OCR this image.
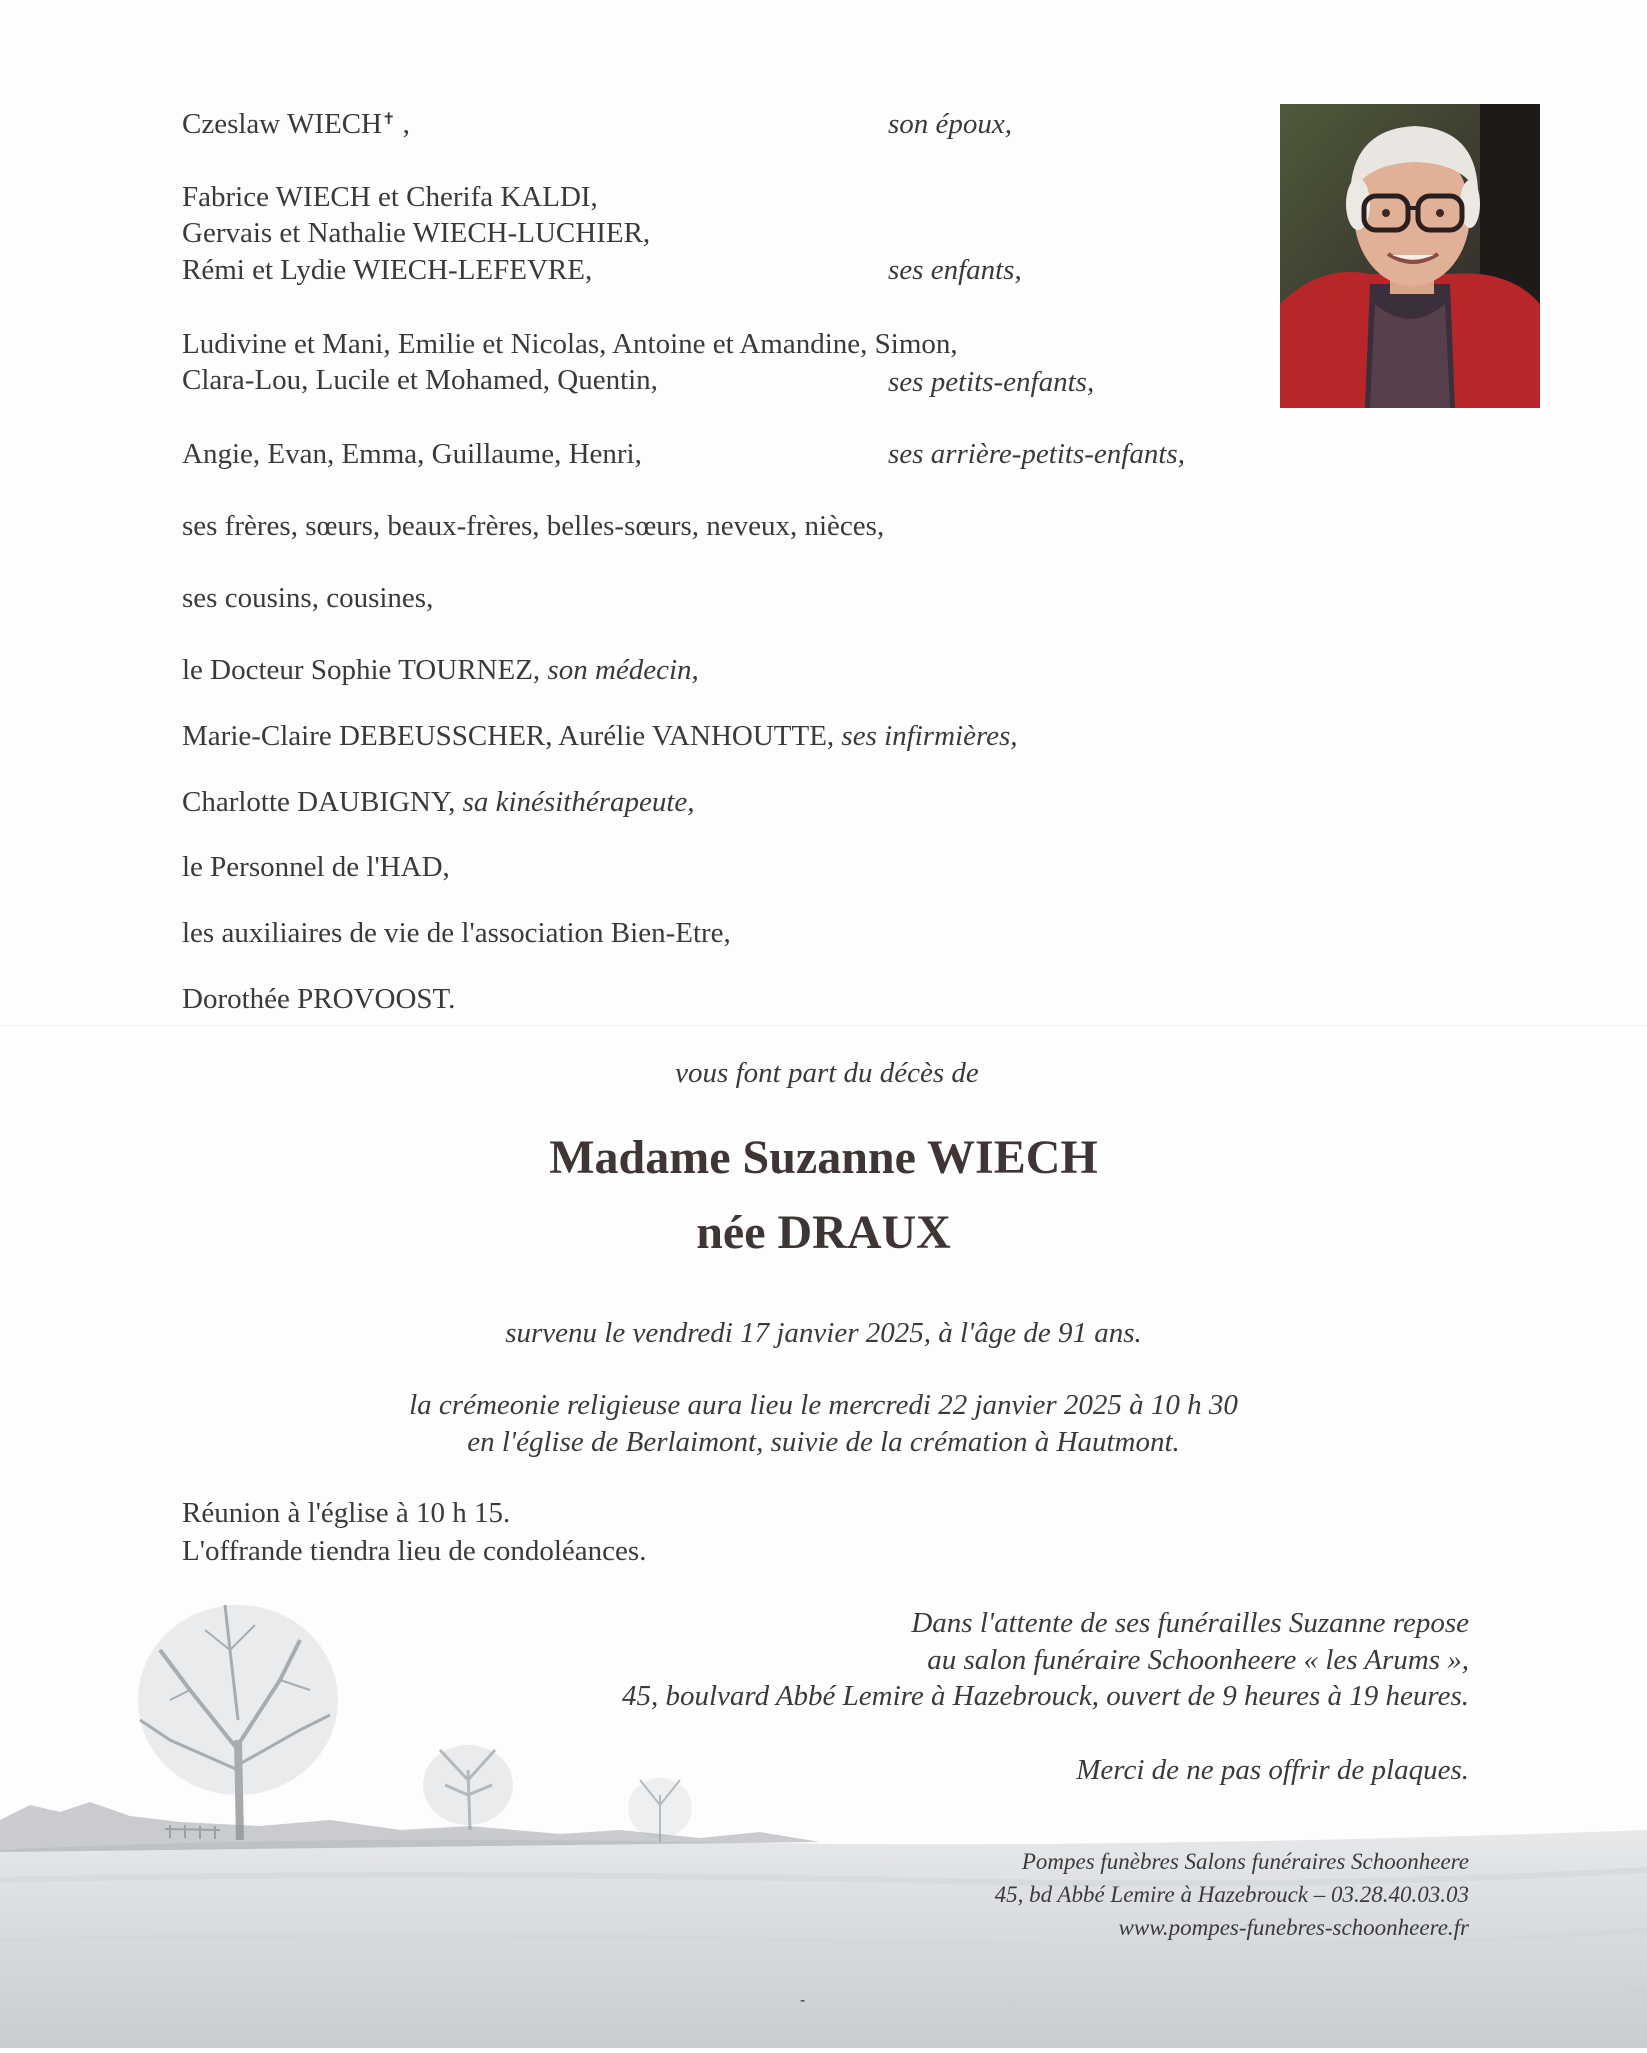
Czeslaw WIECH✝ ,	son époux,
Fabrice WIECH et Cherifa KALDI,
Gervais et Nathalie WIECH-LUCHIER,
Rémi et Lydie WIECH-LEFEVRE,	ses enfants,
Ludivine et Mani, Emilie et Nicolas, Antoine et Amandine, Simon,
Clara-Lou, Lucile et Mohamed, Quentin,	ses petits-enfants,
Angie, Evan, Emma, Guillaume, Henri,	ses arrière-petits-enfants,
ses frères, sœurs, beaux-frères, belles-sœurs, neveux, nièces,
ses cousins, cousines,
le Docteur Sophie TOURNEZ, son médecin,
Marie-Claire DEBEUSSCHER, Aurélie VANHOUTTE, ses infirmières,
Charlotte DAUBIGNY, sa kinésithérapeute,
le Personnel de l'HAD,
les auxiliaires de vie de l'association Bien-Etre,
Dorothée PROVOOST.
vous font part du décès de
Madame Suzanne WIECH
née DRAUX
survenu le vendredi 17 janvier 2025, à l'âge de 91 ans.
la crémeonie religieuse aura lieu le mercredi 22 janvier 2025 à 10 h 30
en l'église de Berlaimont, suivie de la crémation à Hautmont.
Réunion à l'église à 10 h 15.
L'offrande tiendra lieu de condoléances.
-
Dans l'attente de ses funérailles Suzanne repose
au salon funéraire Schoonheere « les Arums »,
45, boulvard Abbé Lemire à Hazebrouck, ouvert de 9 heures à 19 heures.
Merci de ne pas offrir de plaques.
Pompes funèbres Salons funéraires Schoonheere
45, bd Abbé Lemire à Hazebrouck – 03.28.40.03.03
www.pompes-funebres-schoonheere.fr
